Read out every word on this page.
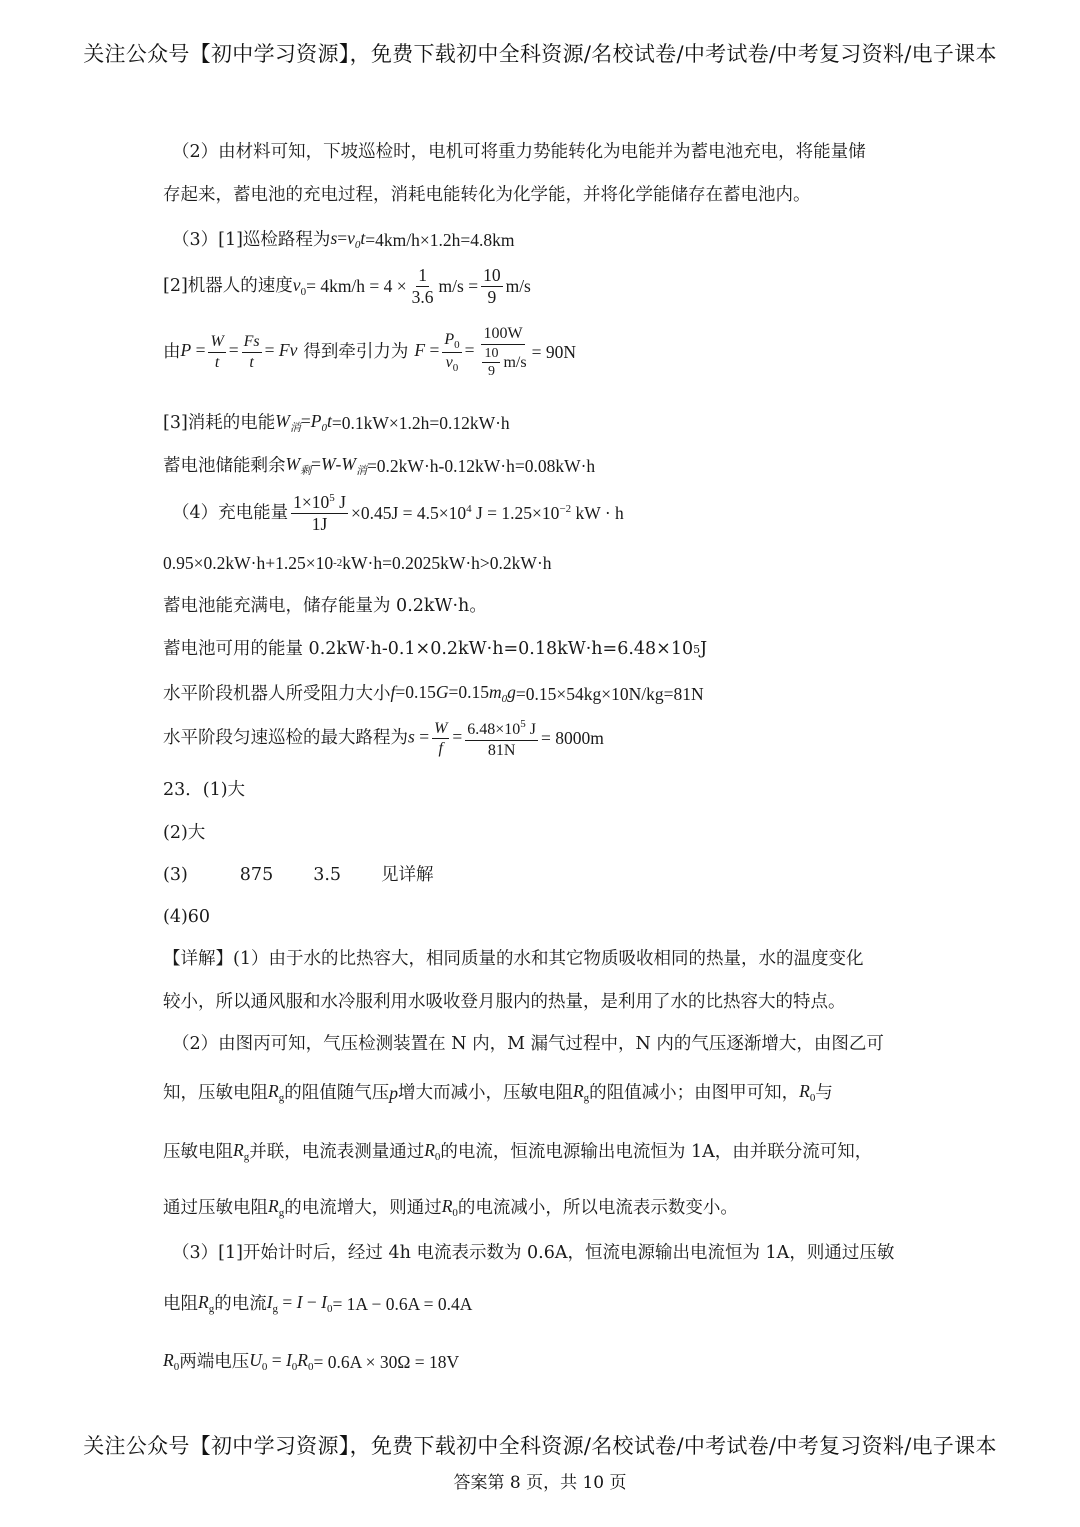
关注公众号【初中学习资源】，免费下载初中全科资源/名校试卷/中考试卷/中考复习资料/电子课本
（2）由材料可知，下坡巡检时，电机可将重力势能转化为电能并为蓄电池充电，将能量储
存起来，蓄电池的充电过程，消耗电能转化为化学能，并将化学能储存在蓄电池内。
（3）[1]巡检路程为 $s=v_0t =4km/h\times 1.2h=4.8km$
[2]机器人的速度 $v_0 = 4km/h = 4 \times \frac{1}{3.6} m/s = \frac{10}{9} m/s$
由 $P = \frac{W}{t} = \frac{Fs}{t} = Fv$ 得到牵引力为 $F = \frac{P_0}{v_0} = \frac{100W}{\frac{10}{9} m/s} = 90N$
[3]消耗的电能 $W_消=P_0t =0.1kW\times 1.2h=0.12kW\cdot h$
蓄电池储能剩余 $W_剩=W-W_消 =0.2kW\cdot h-0.12kW\cdot h=0.08kW\cdot h$
（4）充电能量 $\frac{1\times 10^5 J}{1J} \times 0.45J = 4.5\times 10^4$ $J = 1.25\times 10^{-2}$ kW · h
0.95×0.2kW·h+1.25×10 -2 kW·h=0.2025kW·h>0.2kW·h
蓄电池能充满电，储存能量为 0.2kW·h。
蓄电池可用的能量 0.2kW·h-0.1×0.2kW·h=0.18kW·h=6.48×10 5 J
水平阶段机器人所受阻力大小 $f=0.15G=0.15m_0g =0.15\times 54kg\times 10N/kg=81N$
水平阶段匀速巡检的最大路程为 $s = \frac{W}{f} = \frac{6.48\times 10^5 J}{81N} = 8000m$
23．(1)大
(2)大
(3)	875 3.5 见详解
(4)60
【详解】(1）由于水的比热容大，相同质量的水和其它物质吸收相同的热量，水的温度变化
较小，所以通风服和水冷服利用水吸收登月服内的热量，是利用了水的比热容大的特点。
（2）由图丙可知，气压检测装置在 N 内，M 漏气过程中，N 内的气压逐渐增大，由图乙可
知，压敏电阻 $R_g$ 的阻值随气压 p 增大而减小，压敏电阻 $R_g$ 的阻值减小；由图甲可知， $R_0$ 与
压敏电阻 $R_g$ 并联，电流表测量通过 $R_0$ 的电流，恒流电源输出电流恒为 1A，由并联分流可知，
通过压敏电阻 $R_g$ 的电流增大，则通过 $R_0$ 的电流减小，所以电流表示数变小。
（3）[1]开始计时后，经过 4h 电流表示数为 0.6A，恒流电源输出电流恒为 1A，则通过压敏
电阻 $R_g$ 的电流 $I_g = I - I_0 = 1A - 0.6A = 0.4A$
$R_0$ 两端电压 $U_0 = I_0R_0 = 0.6A \times 30\Omega = 18V$
关注公众号【初中学习资源】，免费下载初中全科资源/名校试卷/中考试卷/中考复习资料/电子课本
答案第 8 页，共 10 页
